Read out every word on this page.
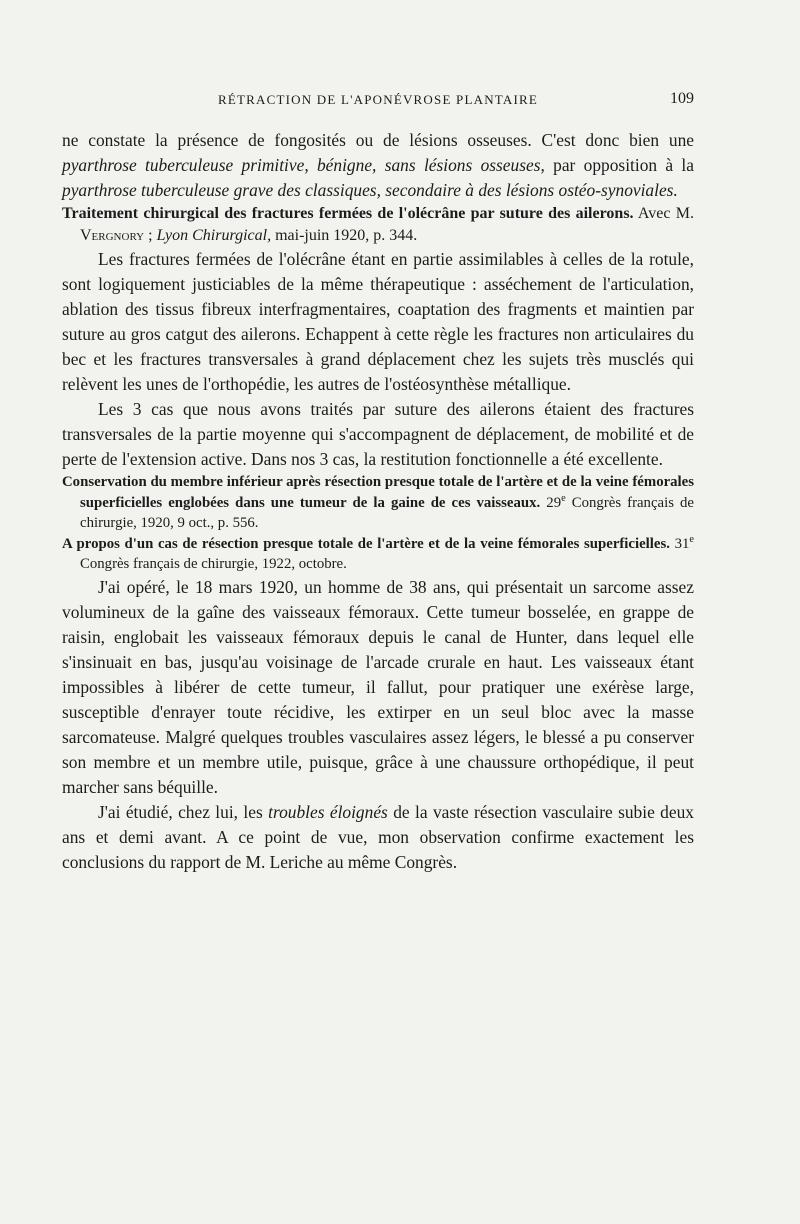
RÉTRACTION DE L'APONÉVROSE PLANTAIRE	109

ne constate la présence de fongosités ou de lésions osseuses. C'est donc bien une pyarthrose tuberculeuse primitive, bénigne, sans lésions osseuses, par opposition à la pyarthrose tuberculeuse grave des classiques, secondaire à des lésions ostéo-synoviales.

Traitement chirurgical des fractures fermées de l'olécrâne par suture des ailerons. Avec M. Vergnory ; Lyon Chirurgical, mai-juin 1920, p. 344.

Les fractures fermées de l'olécrâne étant en partie assimilables à celles de la rotule, sont logiquement justiciables de la même thérapeutique : asséchement de l'articulation, ablation des tissus fibreux interfragmentaires, coaptation des fragments et maintien par suture au gros catgut des ailerons. Echappent à cette règle les fractures non articulaires du bec et les fractures transversales à grand déplacement chez les sujets très musclés qui relèvent les unes de l'orthopédie, les autres de l'ostéosynthèse métallique.

Les 3 cas que nous avons traités par suture des ailerons étaient des fractures transversales de la partie moyenne qui s'accompagnent de déplacement, de mobilité et de perte de l'extension active. Dans nos 3 cas, la restitution fonctionnelle a été excellente.

Conservation du membre inférieur après résection presque totale de l'artère et de la veine fémorales superficielles englobées dans une tumeur de la gaine de ces vaisseaux. 29e Congrès français de chirurgie, 1920, 9 oct., p. 556.

A propos d'un cas de résection presque totale de l'artère et de la veine fémorales superficielles. 31e Congrès français de chirurgie, 1922, octobre.

J'ai opéré, le 18 mars 1920, un homme de 38 ans, qui présentait un sarcome assez volumineux de la gaîne des vaisseaux fémoraux. Cette tumeur bosselée, en grappe de raisin, englobait les vaisseaux fémoraux depuis le canal de Hunter, dans lequel elle s'insinuait en bas, jusqu'au voisinage de l'arcade crurale en haut. Les vaisseaux étant impossibles à libérer de cette tumeur, il fallut, pour pratiquer une exérèse large, susceptible d'enrayer toute récidive, les extirper en un seul bloc avec la masse sarcomateuse. Malgré quelques troubles vasculaires assez légers, le blessé a pu conserver son membre et un membre utile, puisque, grâce à une chaussure orthopédique, il peut marcher sans béquille.

J'ai étudié, chez lui, les troubles éloignés de la vaste résection vasculaire subie deux ans et demi avant. A ce point de vue, mon observation confirme exactement les conclusions du rapport de M. Leriche au même Congrès.
